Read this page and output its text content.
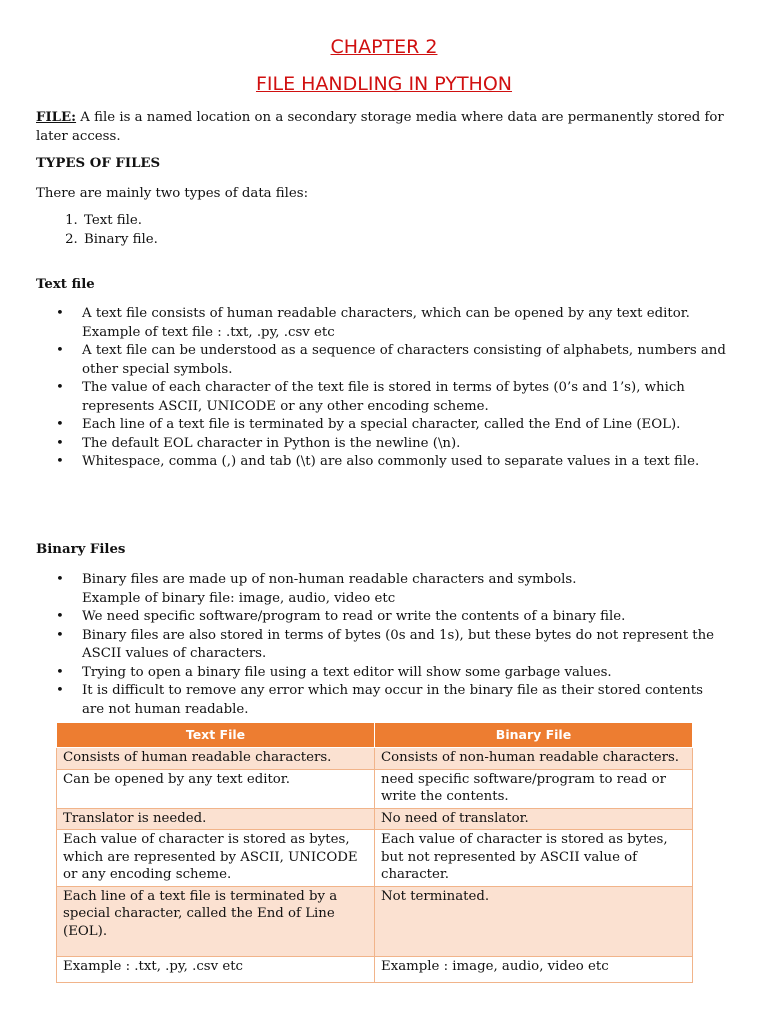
CHAPTER 2
FILE HANDLING IN PYTHON
FILE: A file is a named location on a secondary storage media where data are permanently stored for later access.
TYPES OF FILES
There are mainly two types of data files:
1. Text file.
2. Binary file.
Text file
• A text file consists of human readable characters, which can be opened by any text editor.
Example of text file : .txt, .py, .csv etc
• A text file can be understood as a sequence of characters consisting of alphabets, numbers and other special symbols.
• The value of each character of the text file is stored in terms of bytes (0’s and 1’s), which represents ASCII, UNICODE or any other encoding scheme.
• Each line of a text file is terminated by a special character, called the End of Line (EOL).
• The default EOL character in Python is the newline (\n).
• Whitespace, comma (,) and tab (\t) are also commonly used to separate values in a text file.
Binary Files
• Binary files are made up of non-human readable characters and symbols.
Example of binary file: image, audio, video etc
• We need specific software/program to read or write the contents of a binary file.
• Binary files are also stored in terms of bytes (0s and 1s), but these bytes do not represent the ASCII values of characters.
• Trying to open a binary file using a text editor will show some garbage values.
• It is difficult to remove any error which may occur in the binary file as their stored contents are not human readable.
Text File	Binary File
Consists of human readable characters.	Consists of non-human readable characters.
Can be opened by any text editor.	need specific software/program to read or write the contents.
Translator is needed.	No need of translator.
Each value of character is stored as bytes, which are represented by ASCII, UNICODE or any encoding scheme.	Each value of character is stored as bytes, but not represented by ASCII value of character.
Each line of a text file is terminated by a special character, called the End of Line (EOL).	Not terminated.
Example : .txt, .py, .csv etc	Example : image, audio, video etc
